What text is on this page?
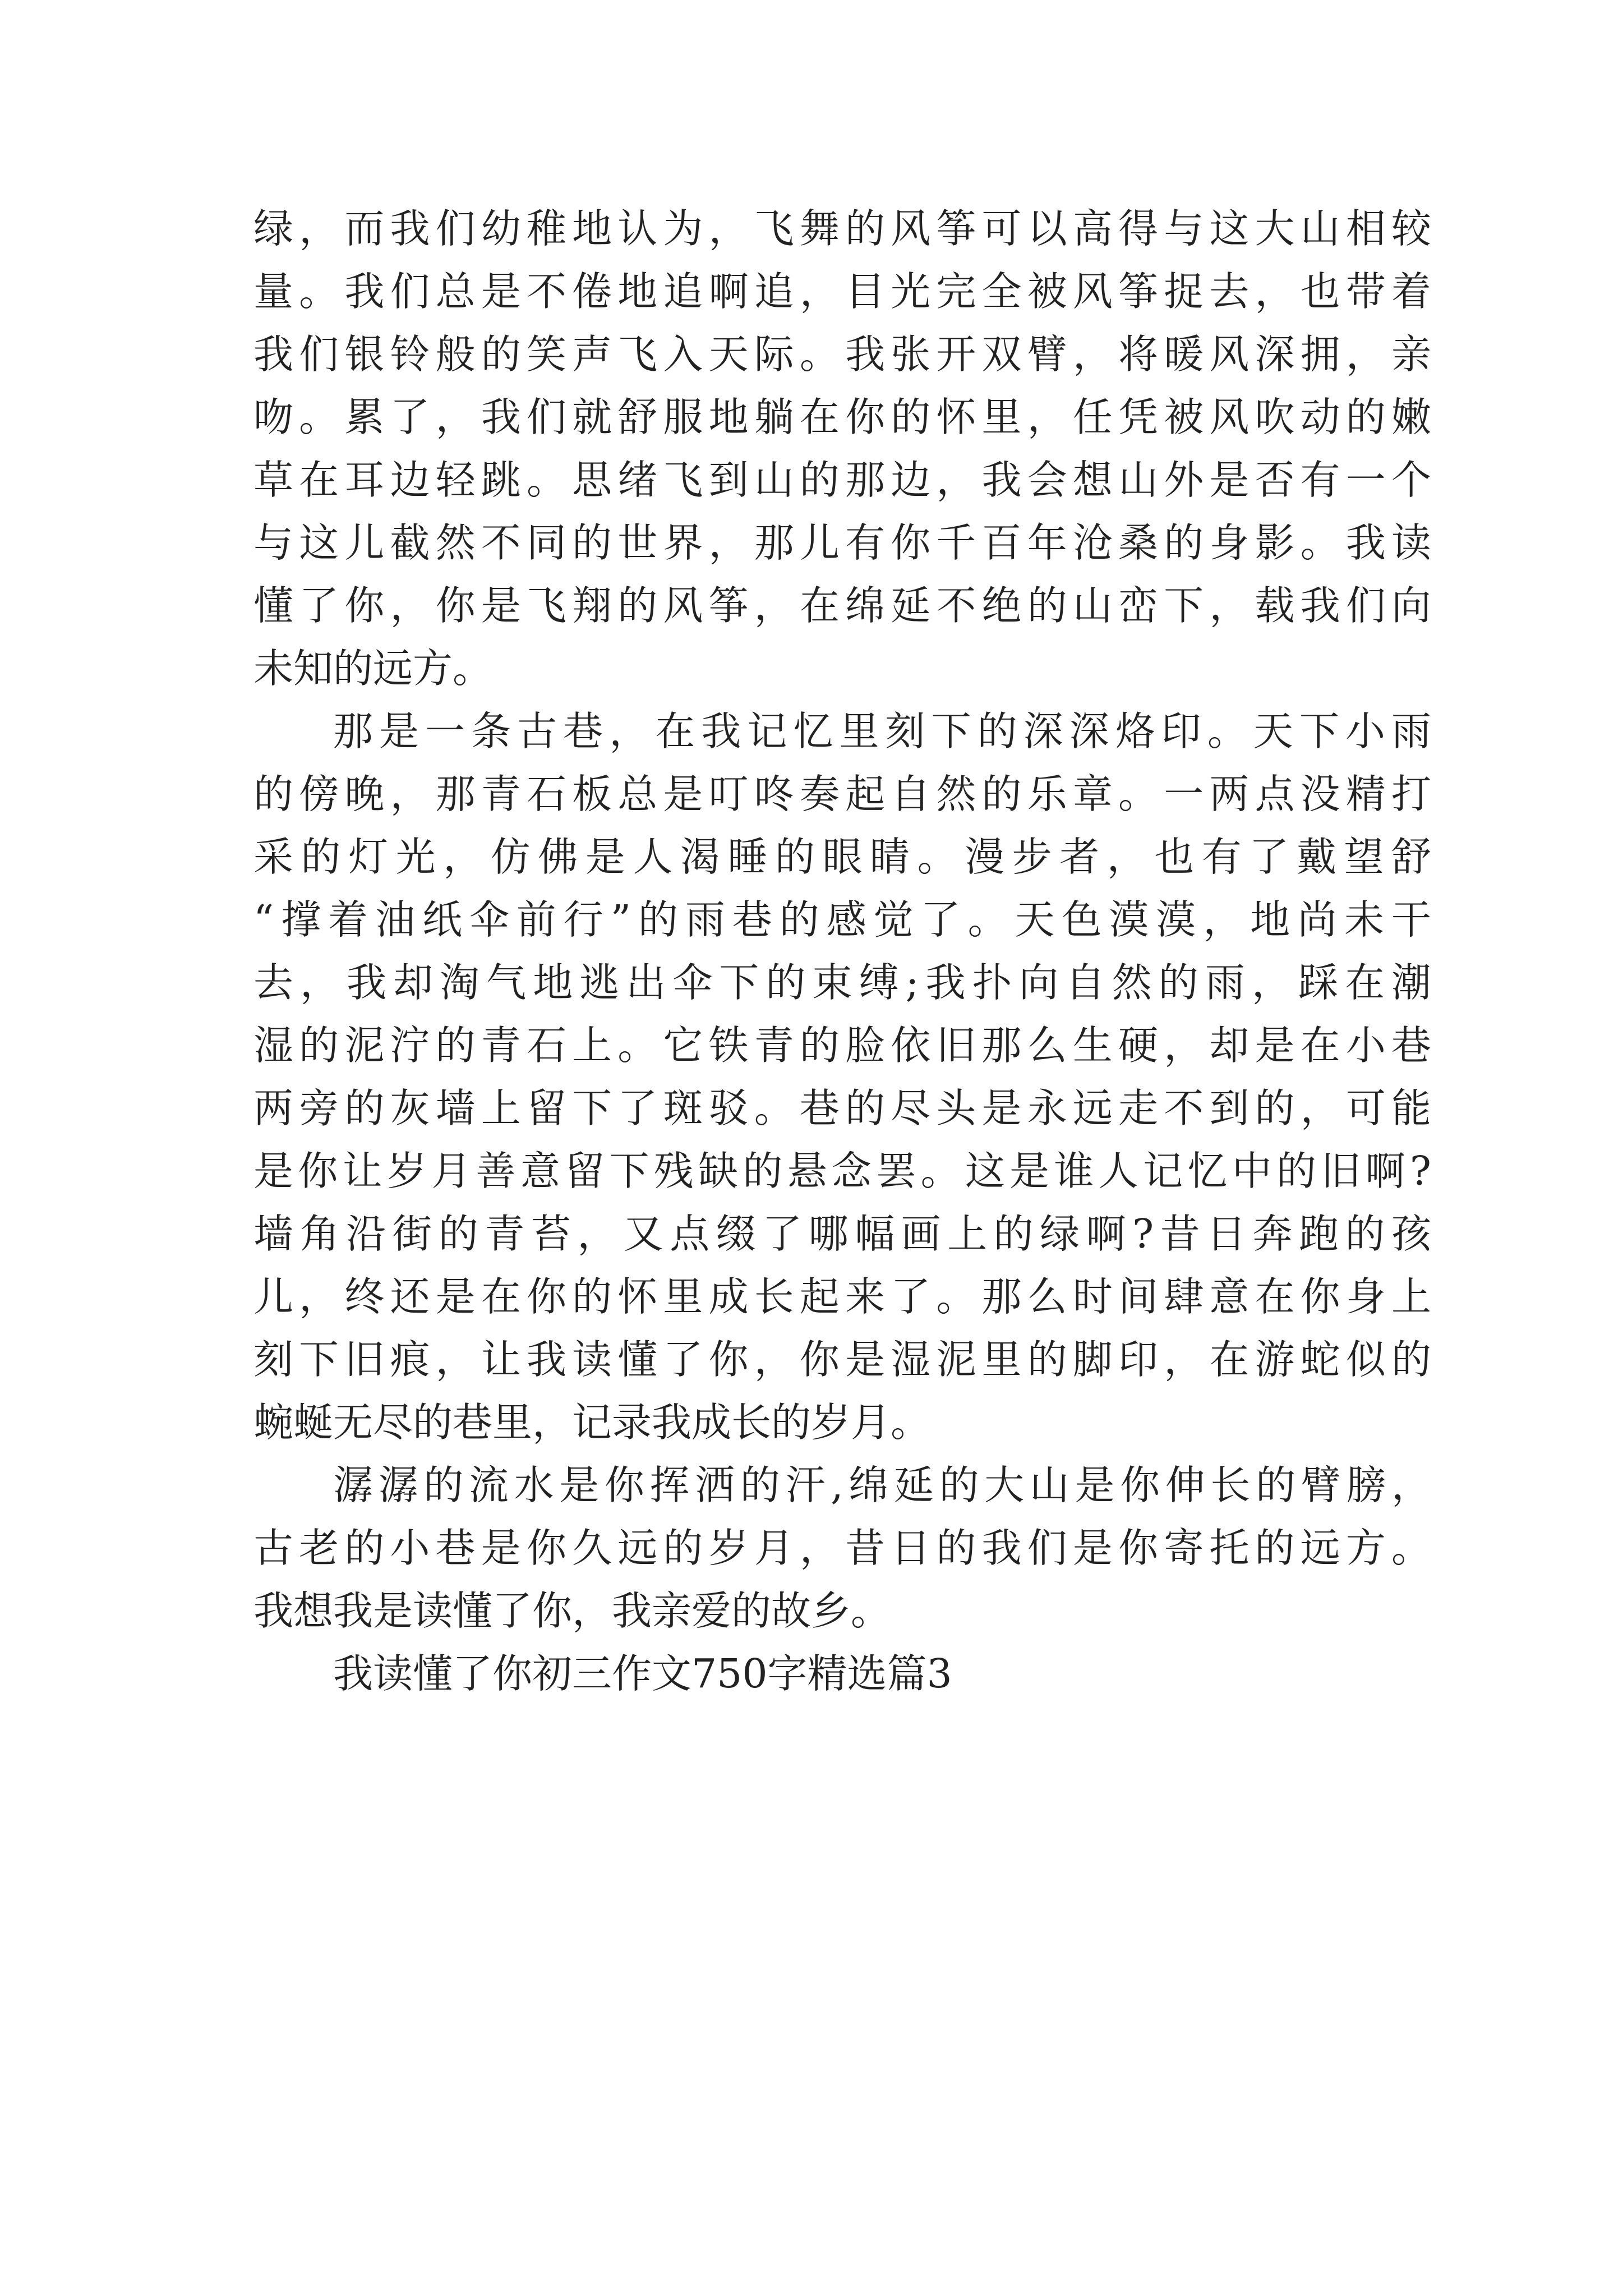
绿，而我们幼稚地认为，飞舞的风筝可以高得与这大山相较
量。我们总是不倦地追啊追，目光完全被风筝捉去，也带着
我们银铃般的笑声飞入天际。我张开双臂，将暖风深拥，亲
吻。累了，我们就舒服地躺在你的怀里，任凭被风吹动的嫩
草在耳边轻跳。思绪飞到山的那边，我会想山外是否有一个
与这儿截然不同的世界，那儿有你千百年沧桑的身影。我读
懂了你，你是飞翔的风筝，在绵延不绝的山峦下，载我们向
未知的远方。
那是一条古巷，在我记忆里刻下的深深烙印。天下小雨
的傍晚，那青石板总是叮咚奏起自然的乐章。一两点没精打
采的灯光，仿佛是人渴睡的眼睛。漫步者，也有了戴望舒
“撑着油纸伞前行”的雨巷的感觉了。天色漠漠，地尚未干
去，我却淘气地逃出伞下的束缚;我扑向自然的雨，踩在潮
湿的泥泞的青石上。它铁青的脸依旧那么生硬，却是在小巷
两旁的灰墙上留下了斑驳。巷的尽头是永远走不到的，可能
是你让岁月善意留下残缺的悬念罢。这是谁人记忆中的旧啊?
墙角沿街的青苔，又点缀了哪幅画上的绿啊?昔日奔跑的孩
儿，终还是在你的怀里成长起来了。那么时间肆意在你身上
刻下旧痕，让我读懂了你，你是湿泥里的脚印，在游蛇似的
蜿蜒无尽的巷里，记录我成长的岁月。
潺潺的流水是你挥洒的汗,绵延的大山是你伸长的臂膀，
古老的小巷是你久远的岁月，昔日的我们是你寄托的远方。
我想我是读懂了你，我亲爱的故乡。
我读懂了你初三作文750字精选篇3
